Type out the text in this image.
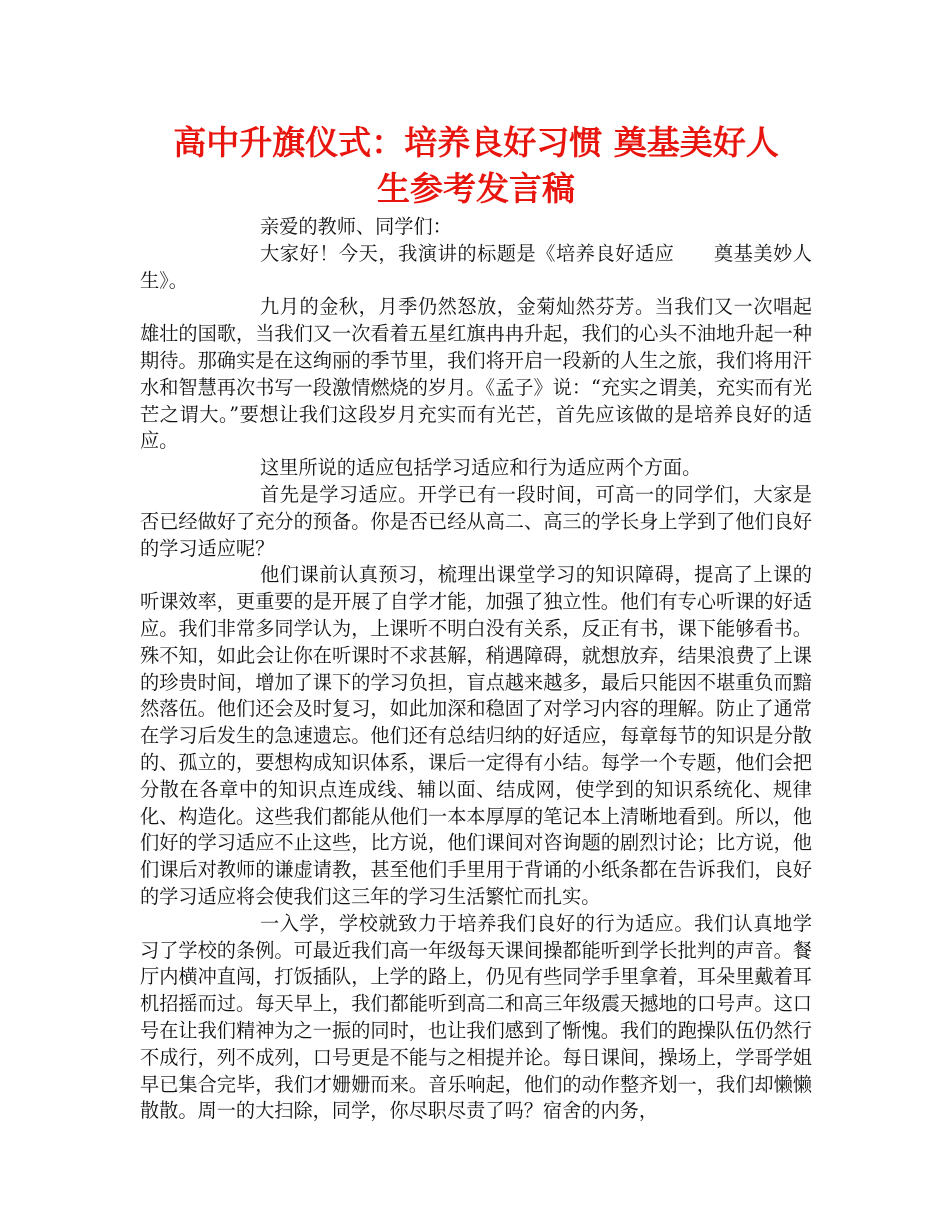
高中升旗仪式：培养良好习惯 奠基美好人
生参考发言稿

亲爱的教师、同学们：

大家好！今天，我演讲的标题是《培养良好适应　　奠基美妙人生》。

九月的金秋，月季仍然怒放，金菊灿然芬芳。当我们又一次唱起雄壮的国歌，当我们又一次看着五星红旗冉冉升起，我们的心头不油地升起一种期待。那确实是在这绚丽的季节里，我们将开启一段新的人生之旅，我们将用汗水和智慧再次书写一段激情燃烧的岁月。《孟子》说：“充实之谓美，充实而有光芒之谓大。”要想让我们这段岁月充实而有光芒，首先应该做的是培养良好的适应。

这里所说的适应包括学习适应和行为适应两个方面。

首先是学习适应。开学已有一段时间，可高一的同学们，大家是否已经做好了充分的预备。你是否已经从高二、高三的学长身上学到了他们良好的学习适应呢？

他们课前认真预习，梳理出课堂学习的知识障碍，提高了上课的听课效率，更重要的是开展了自学才能，加强了独立性。他们有专心听课的好适应。我们非常多同学认为，上课听不明白没有关系，反正有书，课下能够看书。殊不知，如此会让你在听课时不求甚解，稍遇障碍，就想放弃，结果浪费了上课的珍贵时间，增加了课下的学习负担，盲点越来越多，最后只能因不堪重负而黯然落伍。他们还会及时复习，如此加深和稳固了对学习内容的理解。防止了通常在学习后发生的急速遗忘。他们还有总结归纳的好适应，每章每节的知识是分散的、孤立的，要想构成知识体系，课后一定得有小结。每学一个专题，他们会把分散在各章中的知识点连成线、辅以面、结成网，使学到的知识系统化、规律化、构造化。这些我们都能从他们一本本厚厚的笔记本上清晰地看到。所以，他们好的学习适应不止这些，比方说，他们课间对咨询题的剧烈讨论；比方说，他们课后对教师的谦虚请教，甚至他们手里用于背诵的小纸条都在告诉我们，良好的学习适应将会使我们这三年的学习生活繁忙而扎实。

一入学，学校就致力于培养我们良好的行为适应。我们认真地学习了学校的条例。可最近我们高一年级每天课间操都能听到学长批判的声音。餐厅内横冲直闯，打饭插队，上学的路上，仍见有些同学手里拿着，耳朵里戴着耳机招摇而过。每天早上，我们都能听到高二和高三年级震天撼地的口号声。这口号在让我们精神为之一振的同时，也让我们感到了惭愧。我们的跑操队伍仍然行不成行，列不成列，口号更是不能与之相提并论。每日课间，操场上，学哥学姐早已集合完毕，我们才姗姗而来。音乐响起，他们的动作整齐划一，我们却懒懒散散。周一的大扫除，同学，你尽职尽责了吗？宿舍的内务，
